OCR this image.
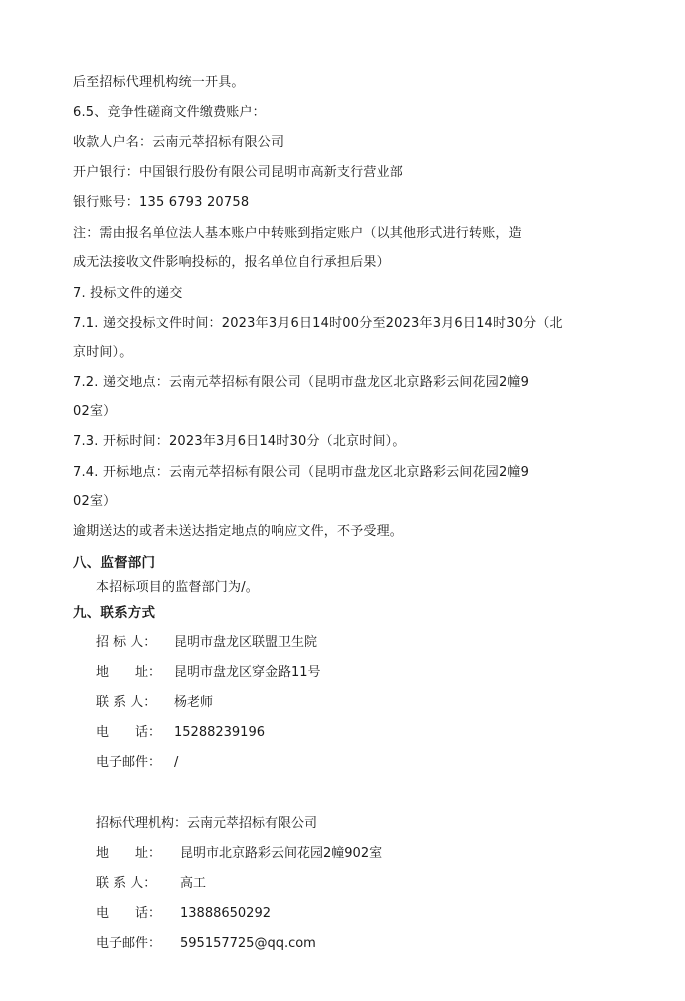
后至招标代理机构统一开具。
6.5、竞争性磋商文件缴费账户：
收款人户名：云南元萃招标有限公司
开户银行：中国银行股份有限公司昆明市高新支行营业部
银行账号：135 6793 20758
注：需由报名单位法人基本账户中转账到指定账户（以其他形式进行转账，造
成无法接收文件影响投标的，报名单位自行承担后果）
7. 投标文件的递交
7.1. 递交投标文件时间：2023年3月6日14时00分至2023年3月6日14时30分（北
京时间）。
7.2. 递交地点：云南元萃招标有限公司（昆明市盘龙区北京路彩云间花园2幢9
02室）
7.3. 开标时间：2023年3月6日14时30分（北京时间）。
7.4. 开标地点：云南元萃招标有限公司（昆明市盘龙区北京路彩云间花园2幢9
02室）
逾期送达的或者未送达指定地点的响应文件，不予受理。
八、监督部门
本招标项目的监督部门为/。
九、联系方式
招 标 人： 昆明市盘龙区联盟卫生院
地　　址： 昆明市盘龙区穿金路11号
联 系 人： 杨老师
电　　话： 15288239196
电子邮件： /
招标代理机构：云南元萃招标有限公司
地　　址： 昆明市北京路彩云间花园2幢902室
联 系 人： 高工
电　　话： 13888650292
电子邮件： 595157725@qq.com
